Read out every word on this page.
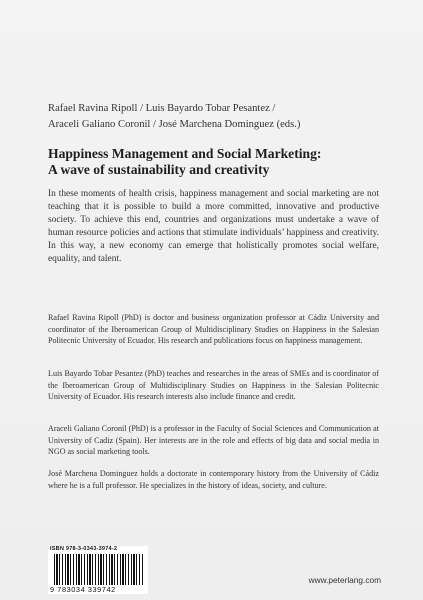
Rafael Ravina Ripoll / Luis Bayardo Tobar Pesantez /
Araceli Galiano Coronil / José Marchena Dominguez (eds.)
Happiness Management and Social Marketing:
A wave of sustainability and creativity

In these moments of health crisis, happiness management and social marketing are not teaching that it is possible to build a more committed, innovative and productive society. To achieve this end, countries and organizations must undertake a wave of human resource policies and actions that stimulate individuals’ happiness and creativity. In this way, a new economy can emerge that holistically promotes social welfare, equality, and talent.

Rafael Ravina Ripoll (PhD) is doctor and business organization professor at Cádiz University and coordinator of the Iberoamerican Group of Multidisciplinary Studies on Happiness in the Salesian Politecnic University of Ecuador. His research and publications focus on happiness management.

Luis Bayardo Tobar Pesantez (PhD) teaches and researches in the areas of SMEs and is coordinator of the Iberoamerican Group of Multidisciplinary Studies on Happiness in the Salesian Politecnic University of Ecuador. His research interests also include finance and credit.

Araceli Galiano Coronil (PhD) is a professor in the Faculty of Social Sciences and Communication at University of Cadiz (Spain). Her interests are in the role and effects of big data and social media in NGO as social marketing tools.

José Marchena Dominguez holds a doctorate in contemporary history from the University of Cádiz where he is a full professor. He specializes in the history of ideas, society, and culture.

ISBN 978-3-0343-3974-2
9 783034 339742
www.peterlang.com
